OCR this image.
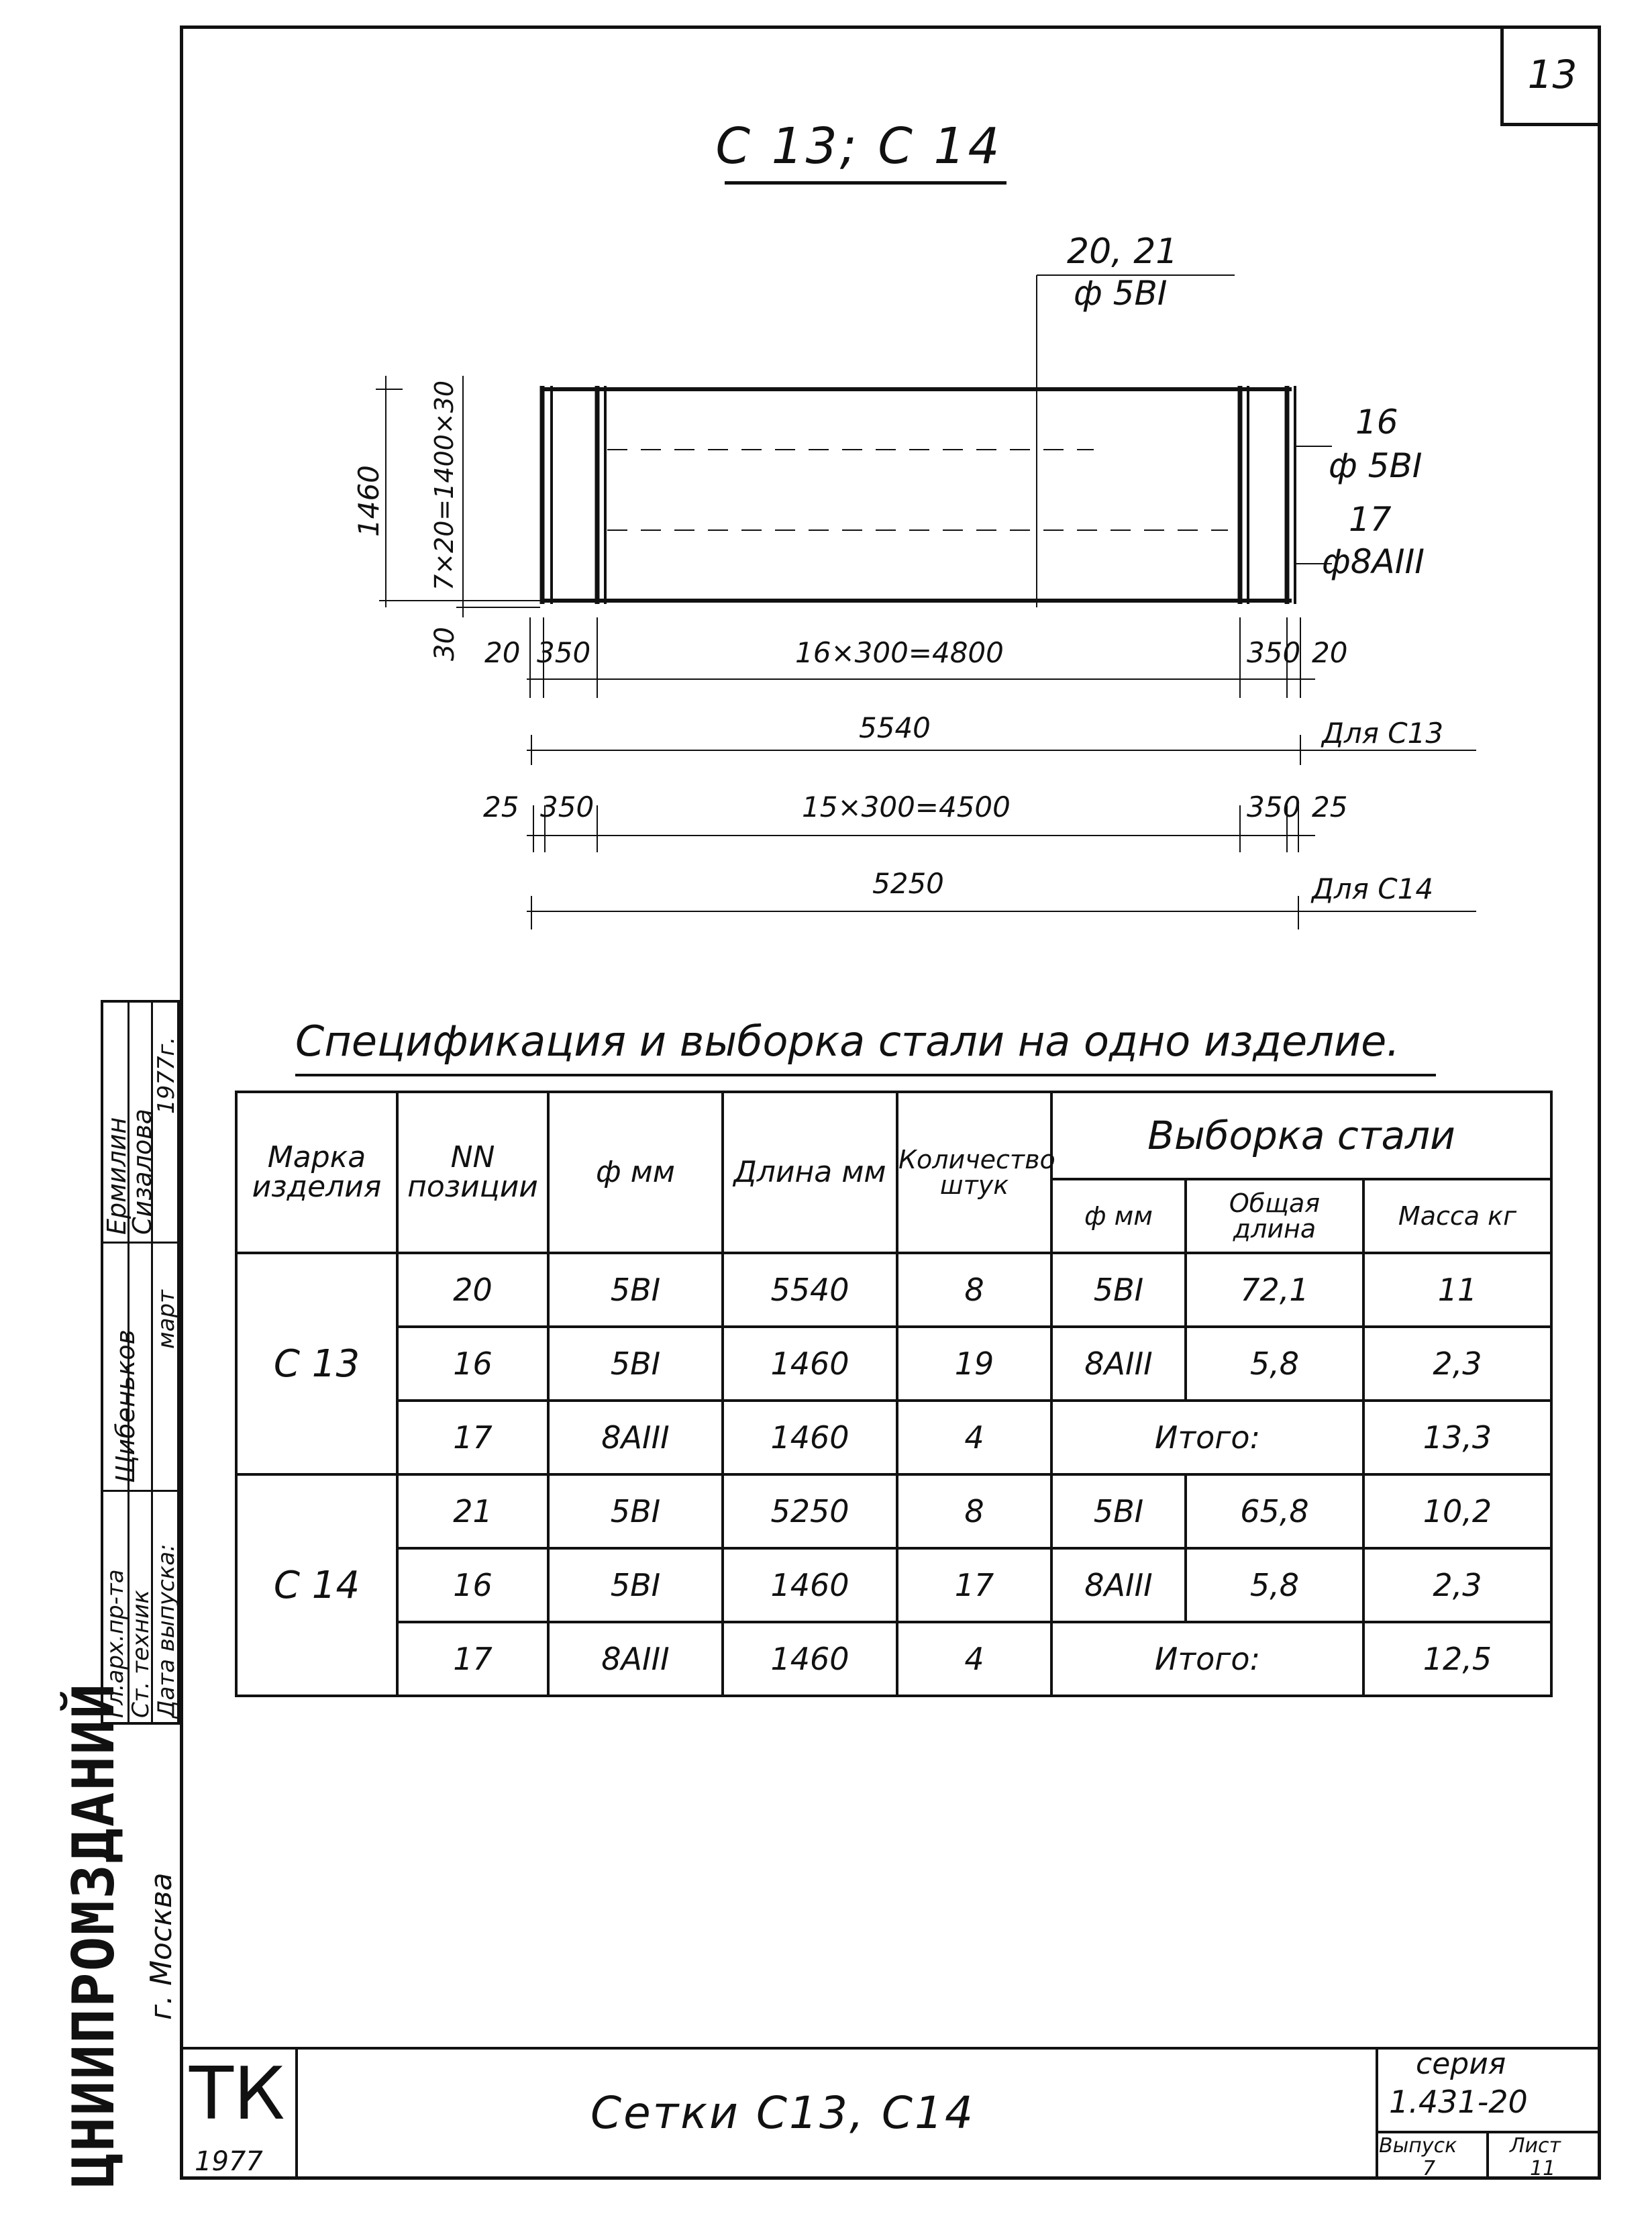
13
C 13; C 14
20, 21
ф 5BI
16
ф 5BI
17
ф8AIII
1460 7×20=1400×30
30 20 350	16×300=4800	350 20
5540	Для C13
25 350	15×300=4500	350 25
5250	Для C14
Спецификация и выборка стали на одно изделие.
Марка изделия	NN позиции	ф мм	Длина мм	Количество штук	Выборка стали		
					ф мм	Общая длина	Масса кг
C 13	20	5BI	5540	8	5BI	72,1	11
	16	5BI	1460	19	8AIII	5,8	2,3
	17	8AIII	1460	4	Итого:		13,3
C 14	21	5BI	5250	8	5BI	65,8	10,2
	16	5BI	1460	17	8AIII	5,8	2,3
	17	8AIII	1460	4	Итого:		12,5
Ермилин
Сизалова
Щибеньков
Гл.арх.пр-та
Ст. техник
Дата выпуска:
март
1977г.
ЦНИИПРОМЗДАНИЙ г. Москва
ТК
1977
Сетки С13, С14
серия
1.431-20
Выпуск
7
Лист
11
